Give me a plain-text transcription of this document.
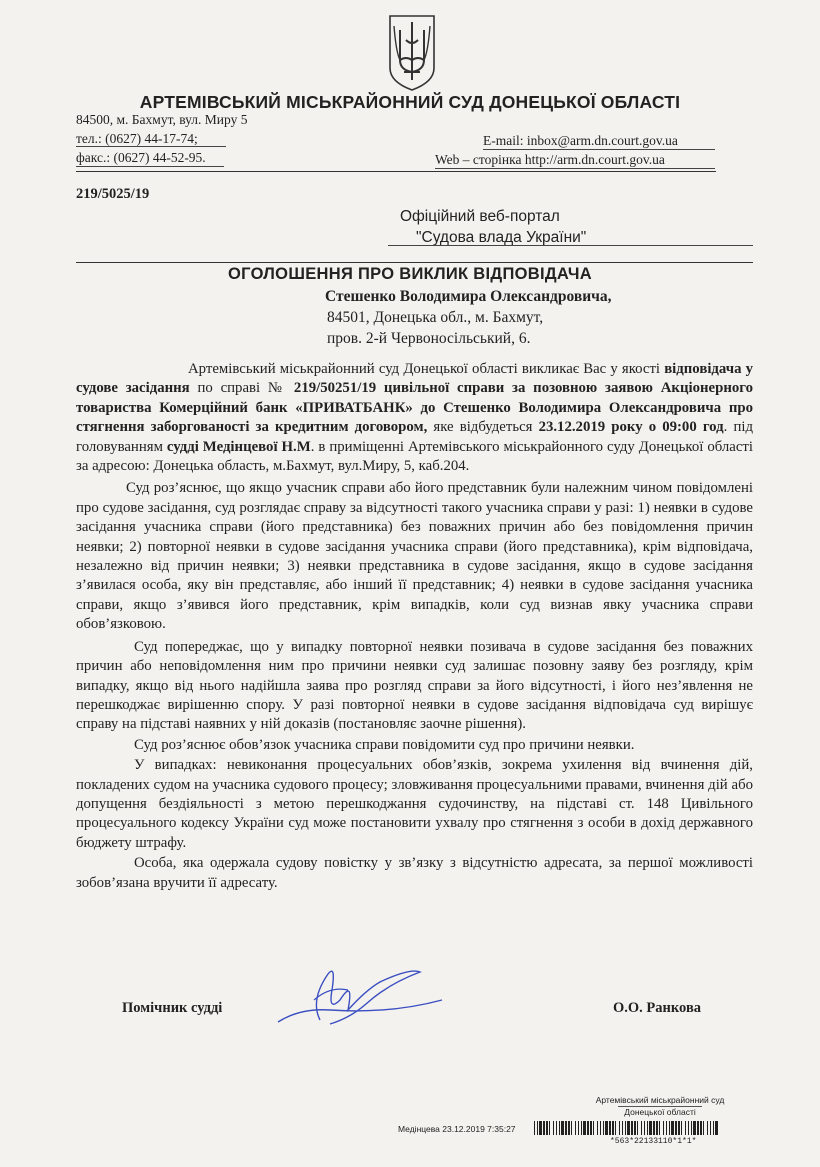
АРТЕМІВСЬКИЙ МІСЬКРАЙОННИЙ СУД ДОНЕЦЬКОЇ ОБЛАСТІ
84500, м. Бахмут, вул. Миру 5
тел.: (0627) 44-17-74;
факс.: (0627) 44-52-95.
E-mail: inbox@arm.dn.court.gov.ua
Web – сторінка http://arm.dn.court.gov.ua
219/5025/19
Офіційний веб-портал
"Судова влада України"
ОГОЛОШЕННЯ ПРО ВИКЛИК ВІДПОВІДАЧА
Стешенко Володимира Олександровича,
84501, Донецька обл., м. Бахмут,
пров. 2-й Червоносільський, 6.

Артемівський міськрайонний суд Донецької області викликає Вас у якості відповідача у судове засідання по справі № 219/50251/19 цивільної справи за позовною заявою Акціонерного товариства Комерційний банк «ПРИВАТБАНК» до Стешенко Володимира Олександровича про стягнення заборгованості за кредитним договором, яке відбудеться 23.12.2019 року о 09:00 год. під головуванням судді Медінцевої Н.М. в приміщенні Артемівського міськрайонного суду Донецької області за адресою: Донецька область, м.Бахмут, вул.Миру, 5, каб.204.

Суд роз’яснює, що якщо учасник справи або його представник були належним чином повідомлені про судове засідання, суд розглядає справу за відсутності такого учасника справи у разі: 1) неявки в судове засідання учасника справи (його представника) без поважних причин або без повідомлення причин неявки; 2) повторної неявки в судове засідання учасника справи (його представника), крім відповідача, незалежно від причин неявки; 3) неявки представника в судове засідання, якщо в судове засідання з’явилася особа, яку він представляє, або інший її представник; 4) неявки в судове засідання учасника справи, якщо з’явився його представник, крім випадків, коли суд визнав явку учасника справи обов’язковою.

Суд попереджає, що у випадку повторної неявки позивача в судове засідання без поважних причин або неповідомлення ним про причини неявки суд залишає позовну заяву без розгляду, крім випадку, якщо від нього надійшла заява про розгляд справи за його відсутності, і його нез’явлення не перешкоджає вирішенню спору. У разі повторної неявки в судове засідання відповідача суд вирішує справу на підставі наявних у ній доказів (постановляє заочне рішення).

Суд роз’яснює обов’язок учасника справи повідомити суд про причини неявки.

У випадках: невиконання процесуальних обов’язків, зокрема ухилення від вчинення дій, покладених судом на учасника судового процесу; зловживання процесуальними правами, вчинення дій або допущення бездіяльності з метою перешкоджання судочинству, на підставі ст. 148 Цивільного процесуального кодексу України суд може постановити ухвалу про стягнення з особи в дохід державного бюджету штрафу.

Особа, яка одержала судову повістку у зв’язку з відсутністю адресата, за першої можливості зобов’язана вручити її адресату.

Помічник судді	О.О. Ранкова
Артемівський міськрайонний суд
Донецької області
Медінцева 23.12.2019 7:35:27
*563*22133110*1*1*
